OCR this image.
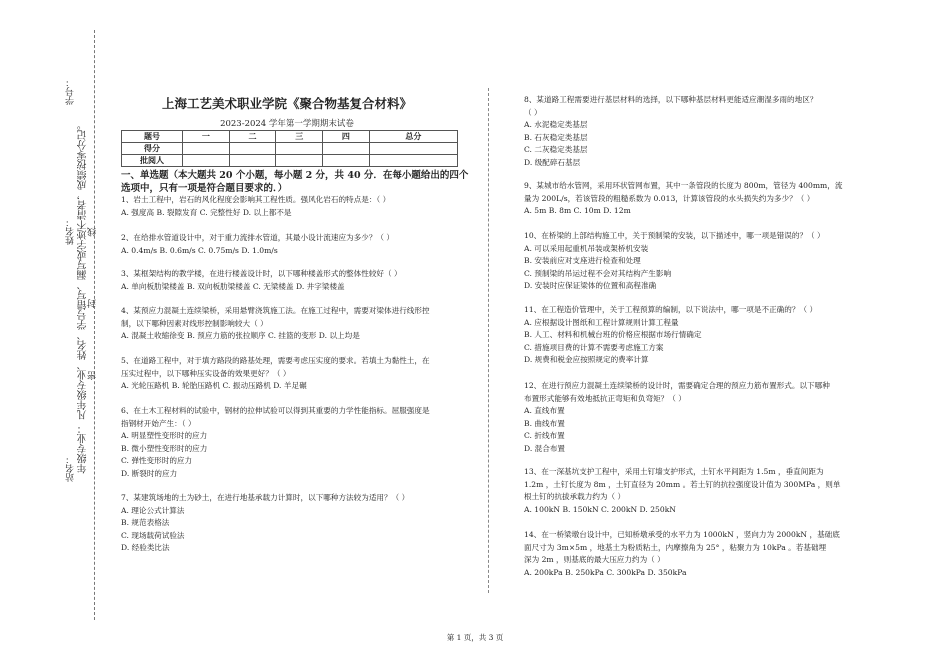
学号：
姓名：
站名： 年级专业： 凡年级专业、姓名、学号错写、漏写或字迹不清者，成绩按零分记。 密 封 线
上海工艺美术职业学院《聚合物基复合材料》
2023-2024 学年第一学期期末试卷
题号	一	二	三	四	总分
得分					
批阅人					
一、单选题（本大题共 20 个小题，每小题 2 分，共 40 分．在每小题给出的四个
选项中，只有一项是符合题目要求的．）
1、岩土工程中，岩石的风化程度会影响其工程性质。强风化岩石的特点是：（ ）
A. 强度高 B. 裂隙发育 C. 完整性好 D. 以上都不是
2、在给排水管道设计中，对于重力流排水管道，其最小设计流速应为多少？（ ）
A. 0.4m/s B. 0.6m/s C. 0.75m/s D. 1.0m/s
3、某框架结构的教学楼，在进行楼盖设计时，以下哪种楼盖形式的整体性较好（ ）
A. 单向板肋梁楼盖 B. 双向板肋梁楼盖 C. 无梁楼盖 D. 井字梁楼盖
4、某预应力混凝土连续梁桥，采用悬臂浇筑施工法。在施工过程中，需要对梁体进行线形控
制，以下哪种因素对线形控制影响较大（ ）
A. 混凝土收缩徐变 B. 预应力筋的张拉顺序 C. 挂篮的变形 D. 以上均是
5、在道路工程中，对于填方路段的路基处理，需要考虑压实度的要求。若填土为黏性土，在
压实过程中，以下哪种压实设备的效果更好？（ ）
A. 光轮压路机 B. 轮胎压路机 C. 振动压路机 D. 羊足碾
6、在土木工程材料的试验中，钢材的拉伸试验可以得到其重要的力学性能指标。屈服强度是
指钢材开始产生：（ ）
A. 明显塑性变形时的应力
B. 微小塑性变形时的应力
C. 弹性变形时的应力
D. 断裂时的应力
7、某建筑场地的土为砂土，在进行地基承载力计算时，以下哪种方法较为适用？（ ）
A. 理论公式计算法
B. 规范表格法
C. 现场载荷试验法
D. 经验类比法
8、某道路工程需要进行基层材料的选择，以下哪种基层材料更能适应潮湿多雨的地区？
（ ）
A. 水泥稳定类基层
B. 石灰稳定类基层
C. 二灰稳定类基层
D. 级配碎石基层
9、某城市给水管网，采用环状管网布置，其中一条管段的长度为 800m，管径为 400mm，流
量为 200L/s，若该管段的粗糙系数为 0.013，计算该管段的水头损失约为多少？（ ）
A. 5m B. 8m C. 10m D. 12m
10、在桥梁的上部结构施工中，关于预制梁的安装，以下描述中，哪一项是错误的？（ ）
A. 可以采用起重机吊装或架桥机安装
B. 安装前应对支座进行检查和处理
C. 预制梁的吊运过程不会对其结构产生影响
D. 安装时应保证梁体的位置和高程准确
11、在工程造价管理中，关于工程预算的编制，以下说法中，哪一项是不正确的？（ ）
A. 应根据设计图纸和工程计算规则计算工程量
B. 人工、材料和机械台班的价格应根据市场行情确定
C. 措施项目费的计算不需要考虑施工方案
D. 规费和税金应按照规定的费率计算
12、在进行预应力混凝土连续梁桥的设计时，需要确定合理的预应力筋布置形式。以下哪种
布置形式能够有效地抵抗正弯矩和负弯矩？（ ）
A. 直线布置
B. 曲线布置
C. 折线布置
D. 混合布置
13、在一深基坑支护工程中，采用土钉墙支护形式，土钉水平间距为 1.5m ，垂直间距为
1.2m ，土钉长度为 8m ，土钉直径为 20mm 。若土钉的抗拉强度设计值为 300MPa ，则单
根土钉的抗拔承载力约为（ ）
A. 100kN B. 150kN C. 200kN D. 250kN
14、在一桥梁墩台设计中，已知桥墩承受的水平力为 1000kN ，竖向力为 2000kN ，基础底
面尺寸为 3m×5m ，地基土为粉质粘土，内摩擦角为 25° ，粘聚力为 10kPa 。若基础埋
深为 2m ，则基底的最大压应力约为（ ）
A. 200kPa B. 250kPa C. 300kPa D. 350kPa
第 1 页，共 3 页
